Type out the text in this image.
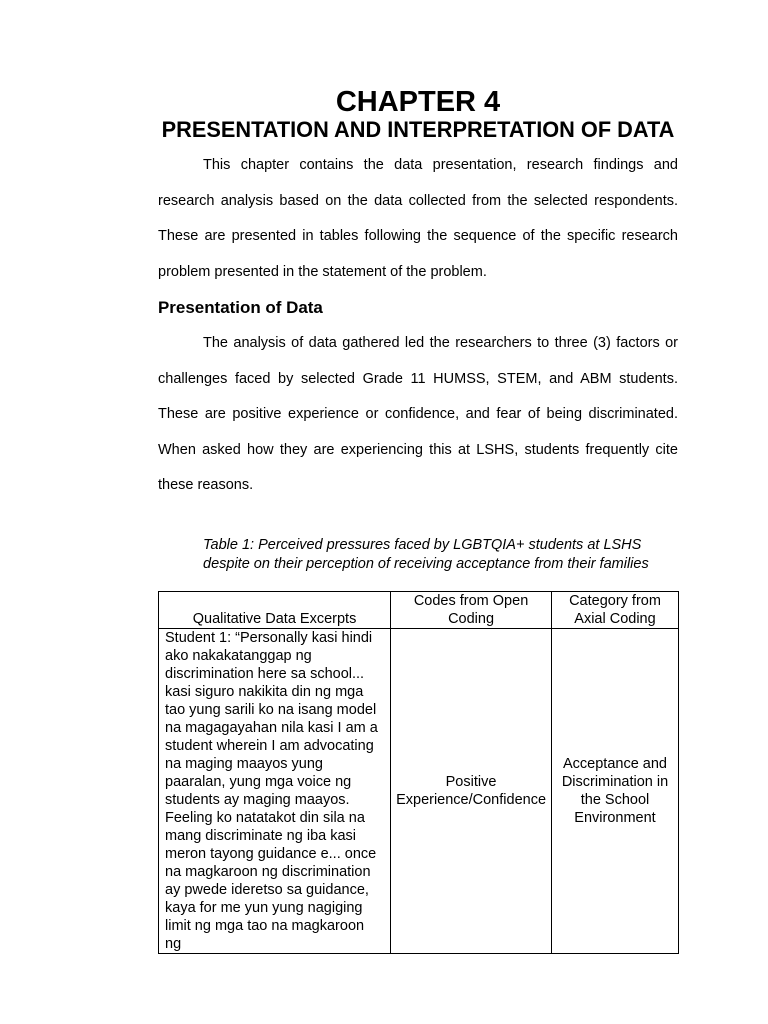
CHAPTER 4
PRESENTATION AND INTERPRETATION OF DATA

This chapter contains the data presentation, research findings and research analysis based on the data collected from the selected respondents. These are presented in tables following the sequence of the specific research problem presented in the statement of the problem.

Presentation of Data

The analysis of data gathered led the researchers to three (3) factors or challenges faced by selected Grade 11 HUMSS, STEM, and ABM students. These are positive experience or confidence, and fear of being discriminated. When asked how they are experiencing this at LSHS, students frequently cite these reasons.

Table 1: Perceived pressures faced by LGBTQIA+ students at LSHS despite on their perception of receiving acceptance from their families

Qualitative Data Excerpts	Codes from Open Coding	Category from Axial Coding
Student 1: “Personally kasi hindi ako nakakatanggap ng discrimination here sa school... kasi siguro nakikita din ng mga tao yung sarili ko na isang model na magagayahan nila kasi I am a student wherein I am advocating na maging maayos yung paaralan, yung mga voice ng students ay maging maayos. Feeling ko natatakot din sila na mang discriminate ng iba kasi meron tayong guidance e... once na magkaroon ng discrimination ay pwede ideretso sa guidance, kaya for me yun yung nagiging limit ng mga tao na magkaroon ng	Positive Experience/Confidence	Acceptance and Discrimination in the School Environment
